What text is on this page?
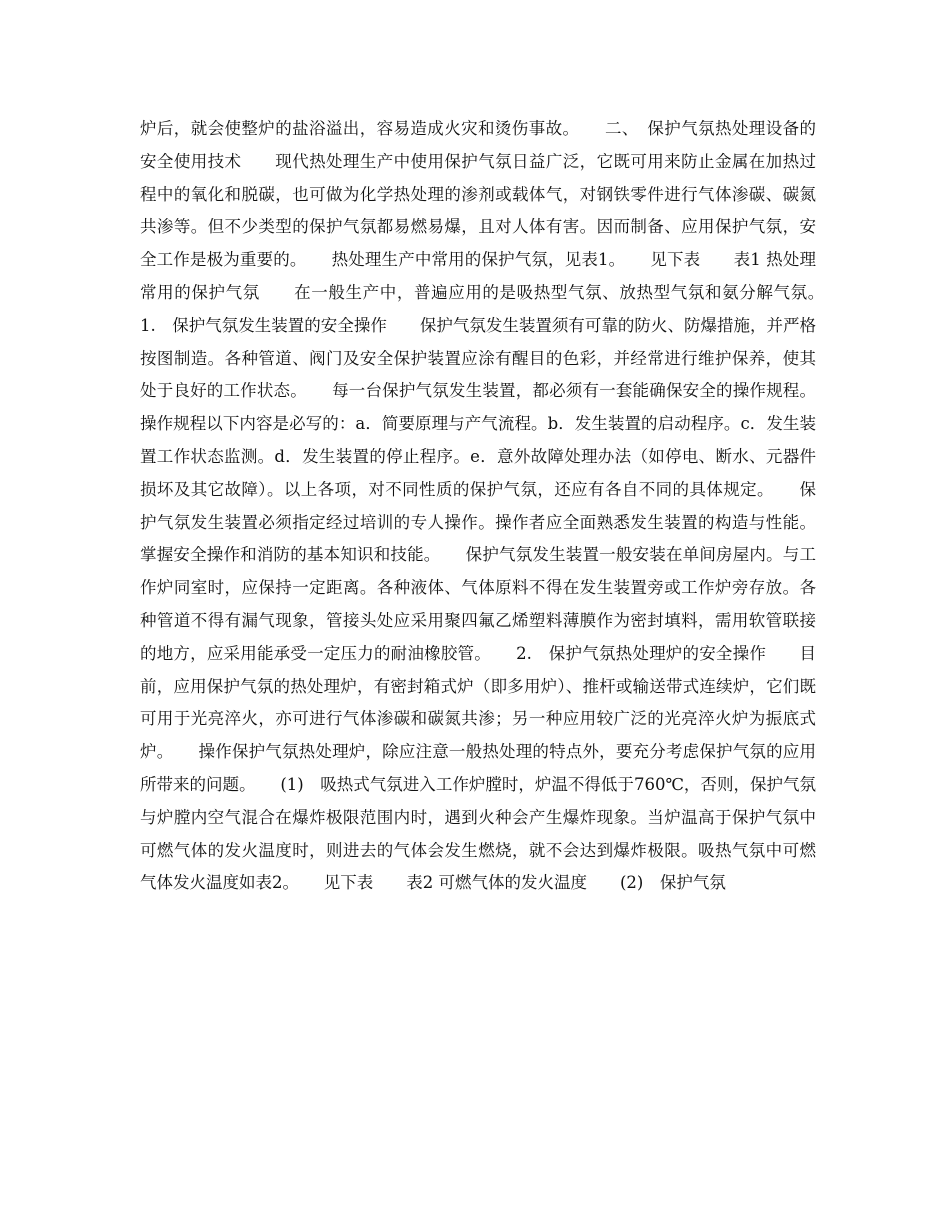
炉后，就会使整炉的盐浴溢出，容易造成火灾和烫伤事故。　　二、　保护气氛热处理设备的安全使用技术　　现代热处理生产中使用保护气氛日益广泛，它既可用来防止金属在加热过程中的氧化和脱碳，也可做为化学热处理的渗剂或载体气，对钢铁零件进行气体渗碳、碳氮共渗等。但不少类型的保护气氛都易燃易爆，且对人体有害。因而制备、应用保护气氛，安全工作是极为重要的。　　热处理生产中常用的保护气氛，见表1。　　见下表　　表1 热处理常用的保护气氛　　在一般生产中，普遍应用的是吸热型气氛、放热型气氛和氨分解气氛。　　1.　保护气氛发生装置的安全操作　　保护气氛发生装置须有可靠的防火、防爆措施，并严格按图制造。各种管道、阀门及安全保护装置应涂有醒目的色彩，并经常进行维护保养，使其处于良好的工作状态。　　每一台保护气氛发生装置，都必须有一套能确保安全的操作规程。操作规程以下内容是必写的：a．简要原理与产气流程。b．发生装置的启动程序。c．发生装置工作状态监测。d．发生装置的停止程序。e．意外故障处理办法（如停电、断水、元器件损坏及其它故障）。以上各项，对不同性质的保护气氛，还应有各自不同的具体规定。　　保护气氛发生装置必须指定经过培训的专人操作。操作者应全面熟悉发生装置的构造与性能。掌握安全操作和消防的基本知识和技能。　　保护气氛发生装置一般安装在单间房屋内。与工作炉同室时，应保持一定距离。各种液体、气体原料不得在发生装置旁或工作炉旁存放。各种管道不得有漏气现象，管接头处应采用聚四氟乙烯塑料薄膜作为密封填料，需用软管联接的地方，应采用能承受一定压力的耐油橡胶管。　　2.　保护气氛热处理炉的安全操作　　目前，应用保护气氛的热处理炉，有密封箱式炉（即多用炉）、推杆或输送带式连续炉，它们既可用于光亮淬火，亦可进行气体渗碳和碳氮共渗；另一种应用较广泛的光亮淬火炉为振底式炉。　　操作保护气氛热处理炉，除应注意一般热处理的特点外，要充分考虑保护气氛的应用所带来的问题。　　(1)　吸热式气氛进入工作炉膛时，炉温不得低于760℃，否则，保护气氛与炉膛内空气混合在爆炸极限范围内时，遇到火种会产生爆炸现象。当炉温高于保护气氛中可燃气体的发火温度时，则进去的气体会发生燃烧，就不会达到爆炸极限。吸热气氛中可燃气体发火温度如表2。　　见下表　　表2 可燃气体的发火温度　　(2)　保护气氛
